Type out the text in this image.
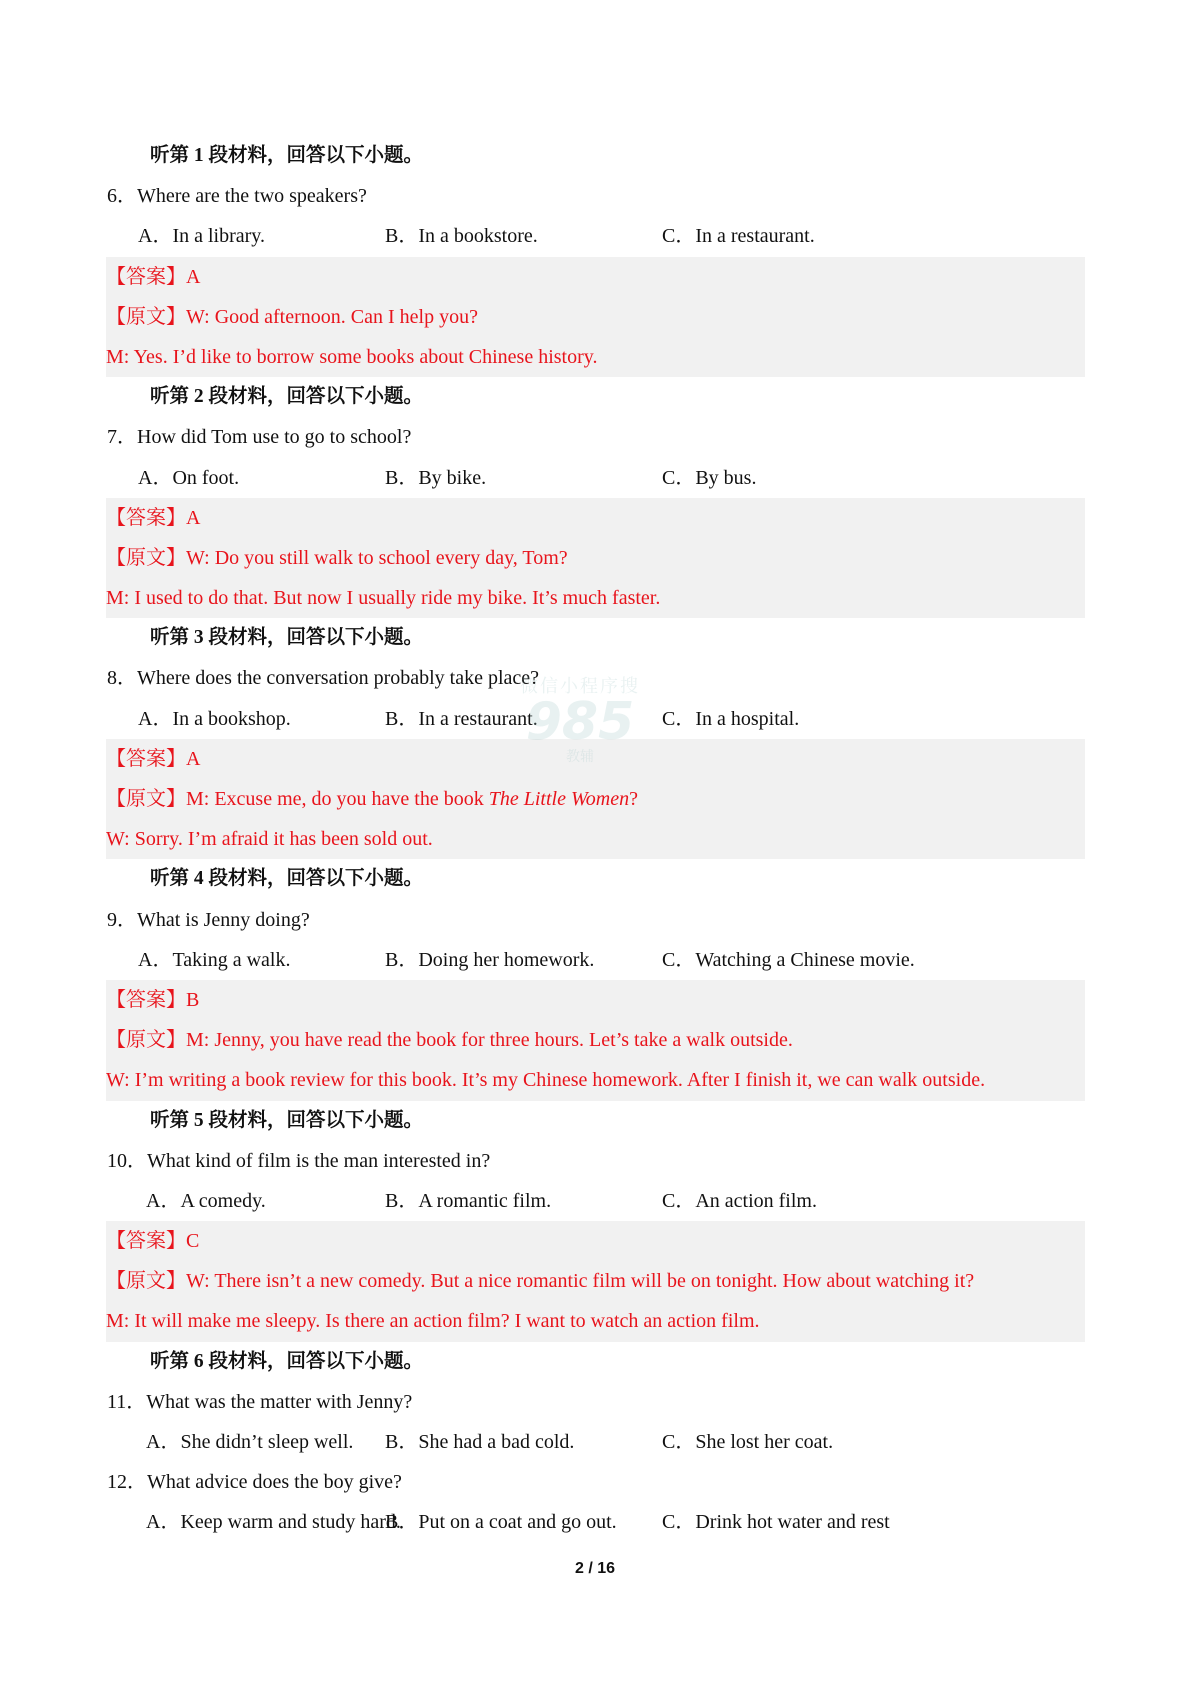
听第 1 段材料，回答以下小题。
6．Where are the two speakers?
A．In a library.	B．In a bookstore.	C．In a restaurant.
【答案】A
【原文】W: Good afternoon. Can I help you?
M: Yes. I’d like to borrow some books about Chinese history.
听第 2 段材料，回答以下小题。
7．How did Tom use to go to school?
A．On foot.	B．By bike.	C．By bus.
【答案】A
【原文】W: Do you still walk to school every day, Tom?
M: I used to do that. But now I usually ride my bike. It’s much faster.
听第 3 段材料，回答以下小题。
8．Where does the conversation probably take place?
A．In a bookshop.	B．In a restaurant.	C．In a hospital.
【答案】A
【原文】M: Excuse me, do you have the book The Little Women?
W: Sorry. I’m afraid it has been sold out.
听第 4 段材料，回答以下小题。
9．What is Jenny doing?
A．Taking a walk.	B．Doing her homework.	C．Watching a Chinese movie.
【答案】B
【原文】M: Jenny, you have read the book for three hours. Let’s take a walk outside.
W: I’m writing a book review for this book. It’s my Chinese homework. After I finish it, we can walk outside.
听第 5 段材料，回答以下小题。
10．What kind of film is the man interested in?
A．A comedy.	B．A romantic film.	C．An action film.
【答案】C
【原文】W: There isn’t a new comedy. But a nice romantic film will be on tonight. How about watching it?
M: It will make me sleepy. Is there an action film? I want to watch an action film.
听第 6 段材料，回答以下小题。
11．What was the matter with Jenny?
A．She didn’t sleep well. B．She had a bad cold.	C．She lost her coat.
12．What advice does the boy give?
A．Keep warm and study hard.
B．Put on a coat and go out. C．Drink hot water and rest
微信小程序搜
985
教辅
2 / 16
